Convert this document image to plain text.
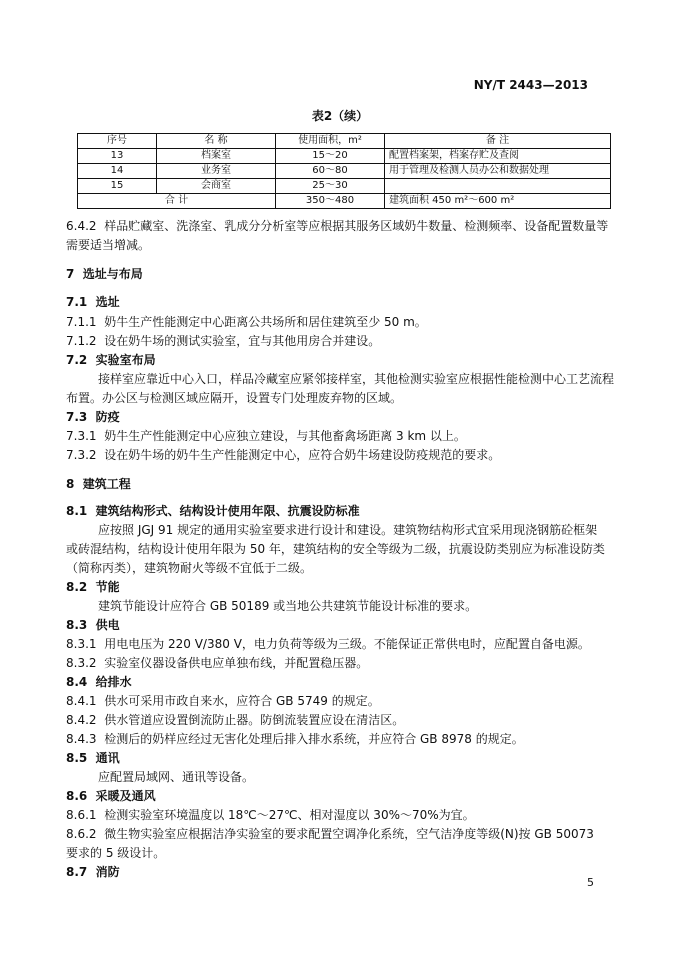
NY/T 2443—2013
表2（续）
序号	名 称	使用面积，m²	备 注
13	档案室	15～20	配置档案架，档案存贮及查阅
14	业务室	60～80	用于管理及检测人员办公和数据处理
15	会商室	25～30	
合 计		350～480	建筑面积 450 m²～600 m²
6.4.2 样品贮藏室、洗涤室、乳成分分析室等应根据其服务区域奶牛数量、检测频率、设备配置数量等
需要适当增减。
7 选址与布局
7.1 选址
7.1.1 奶牛生产性能测定中心距离公共场所和居住建筑至少 50 m。
7.1.2 设在奶牛场的测试实验室，宜与其他用房合并建设。
7.2 实验室布局
接样室应靠近中心入口，样品冷藏室应紧邻接样室，其他检测实验室应根据性能检测中心工艺流程
布置。办公区与检测区域应隔开，设置专门处理废弃物的区域。
7.3 防疫
7.3.1 奶牛生产性能测定中心应独立建设，与其他畜禽场距离 3 km 以上。
7.3.2 设在奶牛场的奶牛生产性能测定中心，应符合奶牛场建设防疫规范的要求。
8 建筑工程
8.1 建筑结构形式、结构设计使用年限、抗震设防标准
应按照 JGJ 91 规定的通用实验室要求进行设计和建设。建筑物结构形式宜采用现浇钢筋砼框架
或砖混结构，结构设计使用年限为 50 年，建筑结构的安全等级为二级，抗震设防类别应为标准设防类
（简称丙类），建筑物耐火等级不宜低于二级。
8.2 节能
建筑节能设计应符合 GB 50189 或当地公共建筑节能设计标准的要求。
8.3 供电
8.3.1 用电电压为 220 V/380 V，电力负荷等级为三级。不能保证正常供电时，应配置自备电源。
8.3.2 实验室仪器设备供电应单独布线，并配置稳压器。
8.4 给排水
8.4.1 供水可采用市政自来水，应符合 GB 5749 的规定。
8.4.2 供水管道应设置倒流防止器。防倒流装置应设在清洁区。
8.4.3 检测后的奶样应经过无害化处理后排入排水系统，并应符合 GB 8978 的规定。
8.5 通讯
应配置局域网、通讯等设备。
8.6 采暖及通风
8.6.1 检测实验室环境温度以 18℃～27℃、相对湿度以 30%～70%为宜。
8.6.2 微生物实验室应根据洁净实验室的要求配置空调净化系统，空气洁净度等级(N)按 GB 50073
要求的 5 级设计。
8.7 消防
5
